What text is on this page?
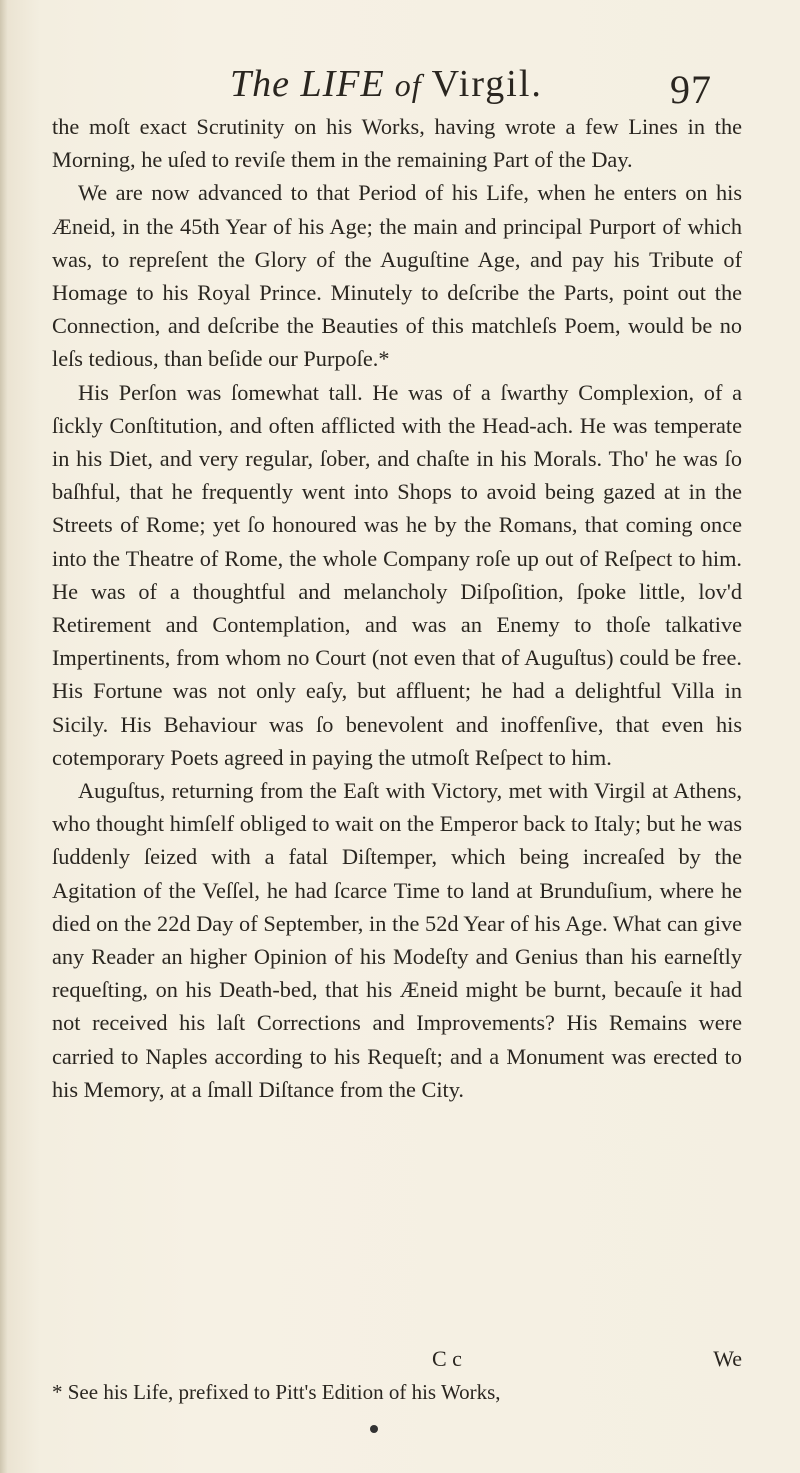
The LIFE of Virgil.	97

the moſt exact Scrutinity on his Works, having wrote a few Lines in the Morning, he uſed to reviſe them in the remaining Part of the Day.

We are now advanced to that Period of his Life, when he enters on his Æneid, in the 45th Year of his Age; the main and principal Purport of which was, to repreſent the Glory of the Auguſtine Age, and pay his Tribute of Homage to his Royal Prince. Minutely to deſcribe the Parts, point out the Connection, and deſcribe the Beauties of this matchleſs Poem, would be no leſs tedious, than beſide our Purpoſe.*

His Perſon was ſomewhat tall. He was of a ſwarthy Complexion, of a ſickly Conſtitution, and often afflicted with the Head-ach. He was temperate in his Diet, and very regular, ſober, and chaſte in his Morals. Tho' he was ſo baſhful, that he frequently went into Shops to avoid being gazed at in the Streets of Rome; yet ſo honoured was he by the Romans, that coming once into the Theatre of Rome, the whole Company roſe up out of Reſpect to him. He was of a thoughtful and melancholy Diſpoſition, ſpoke little, lov'd Retirement and Contemplation, and was an Enemy to thoſe talkative Impertinents, from whom no Court (not even that of Auguſtus) could be free. His Fortune was not only eaſy, but affluent; he had a delightful Villa in Sicily. His Behaviour was ſo benevolent and inoffenſive, that even his cotemporary Poets agreed in paying the utmoſt Reſpect to him.

Auguſtus, returning from the Eaſt with Victory, met with Virgil at Athens, who thought himſelf obliged to wait on the Emperor back to Italy; but he was ſuddenly ſeized with a fatal Diſtemper, which being increaſed by the Agitation of the Veſſel, he had ſcarce Time to land at Brunduſium, where he died on the 22d Day of September, in the 52d Year of his Age. What can give any Reader an higher Opinion of his Modeſty and Genius than his earneſtly requeſting, on his Death-bed, that his Æneid might be burnt, becauſe it had not received his laſt Corrections and Improvements? His Remains were carried to Naples according to his Requeſt; and a Monument was erected to his Memory, at a ſmall Diſtance from the City.

C c	We
* See his Life, prefixed to Pitt's Edition of his Works,
